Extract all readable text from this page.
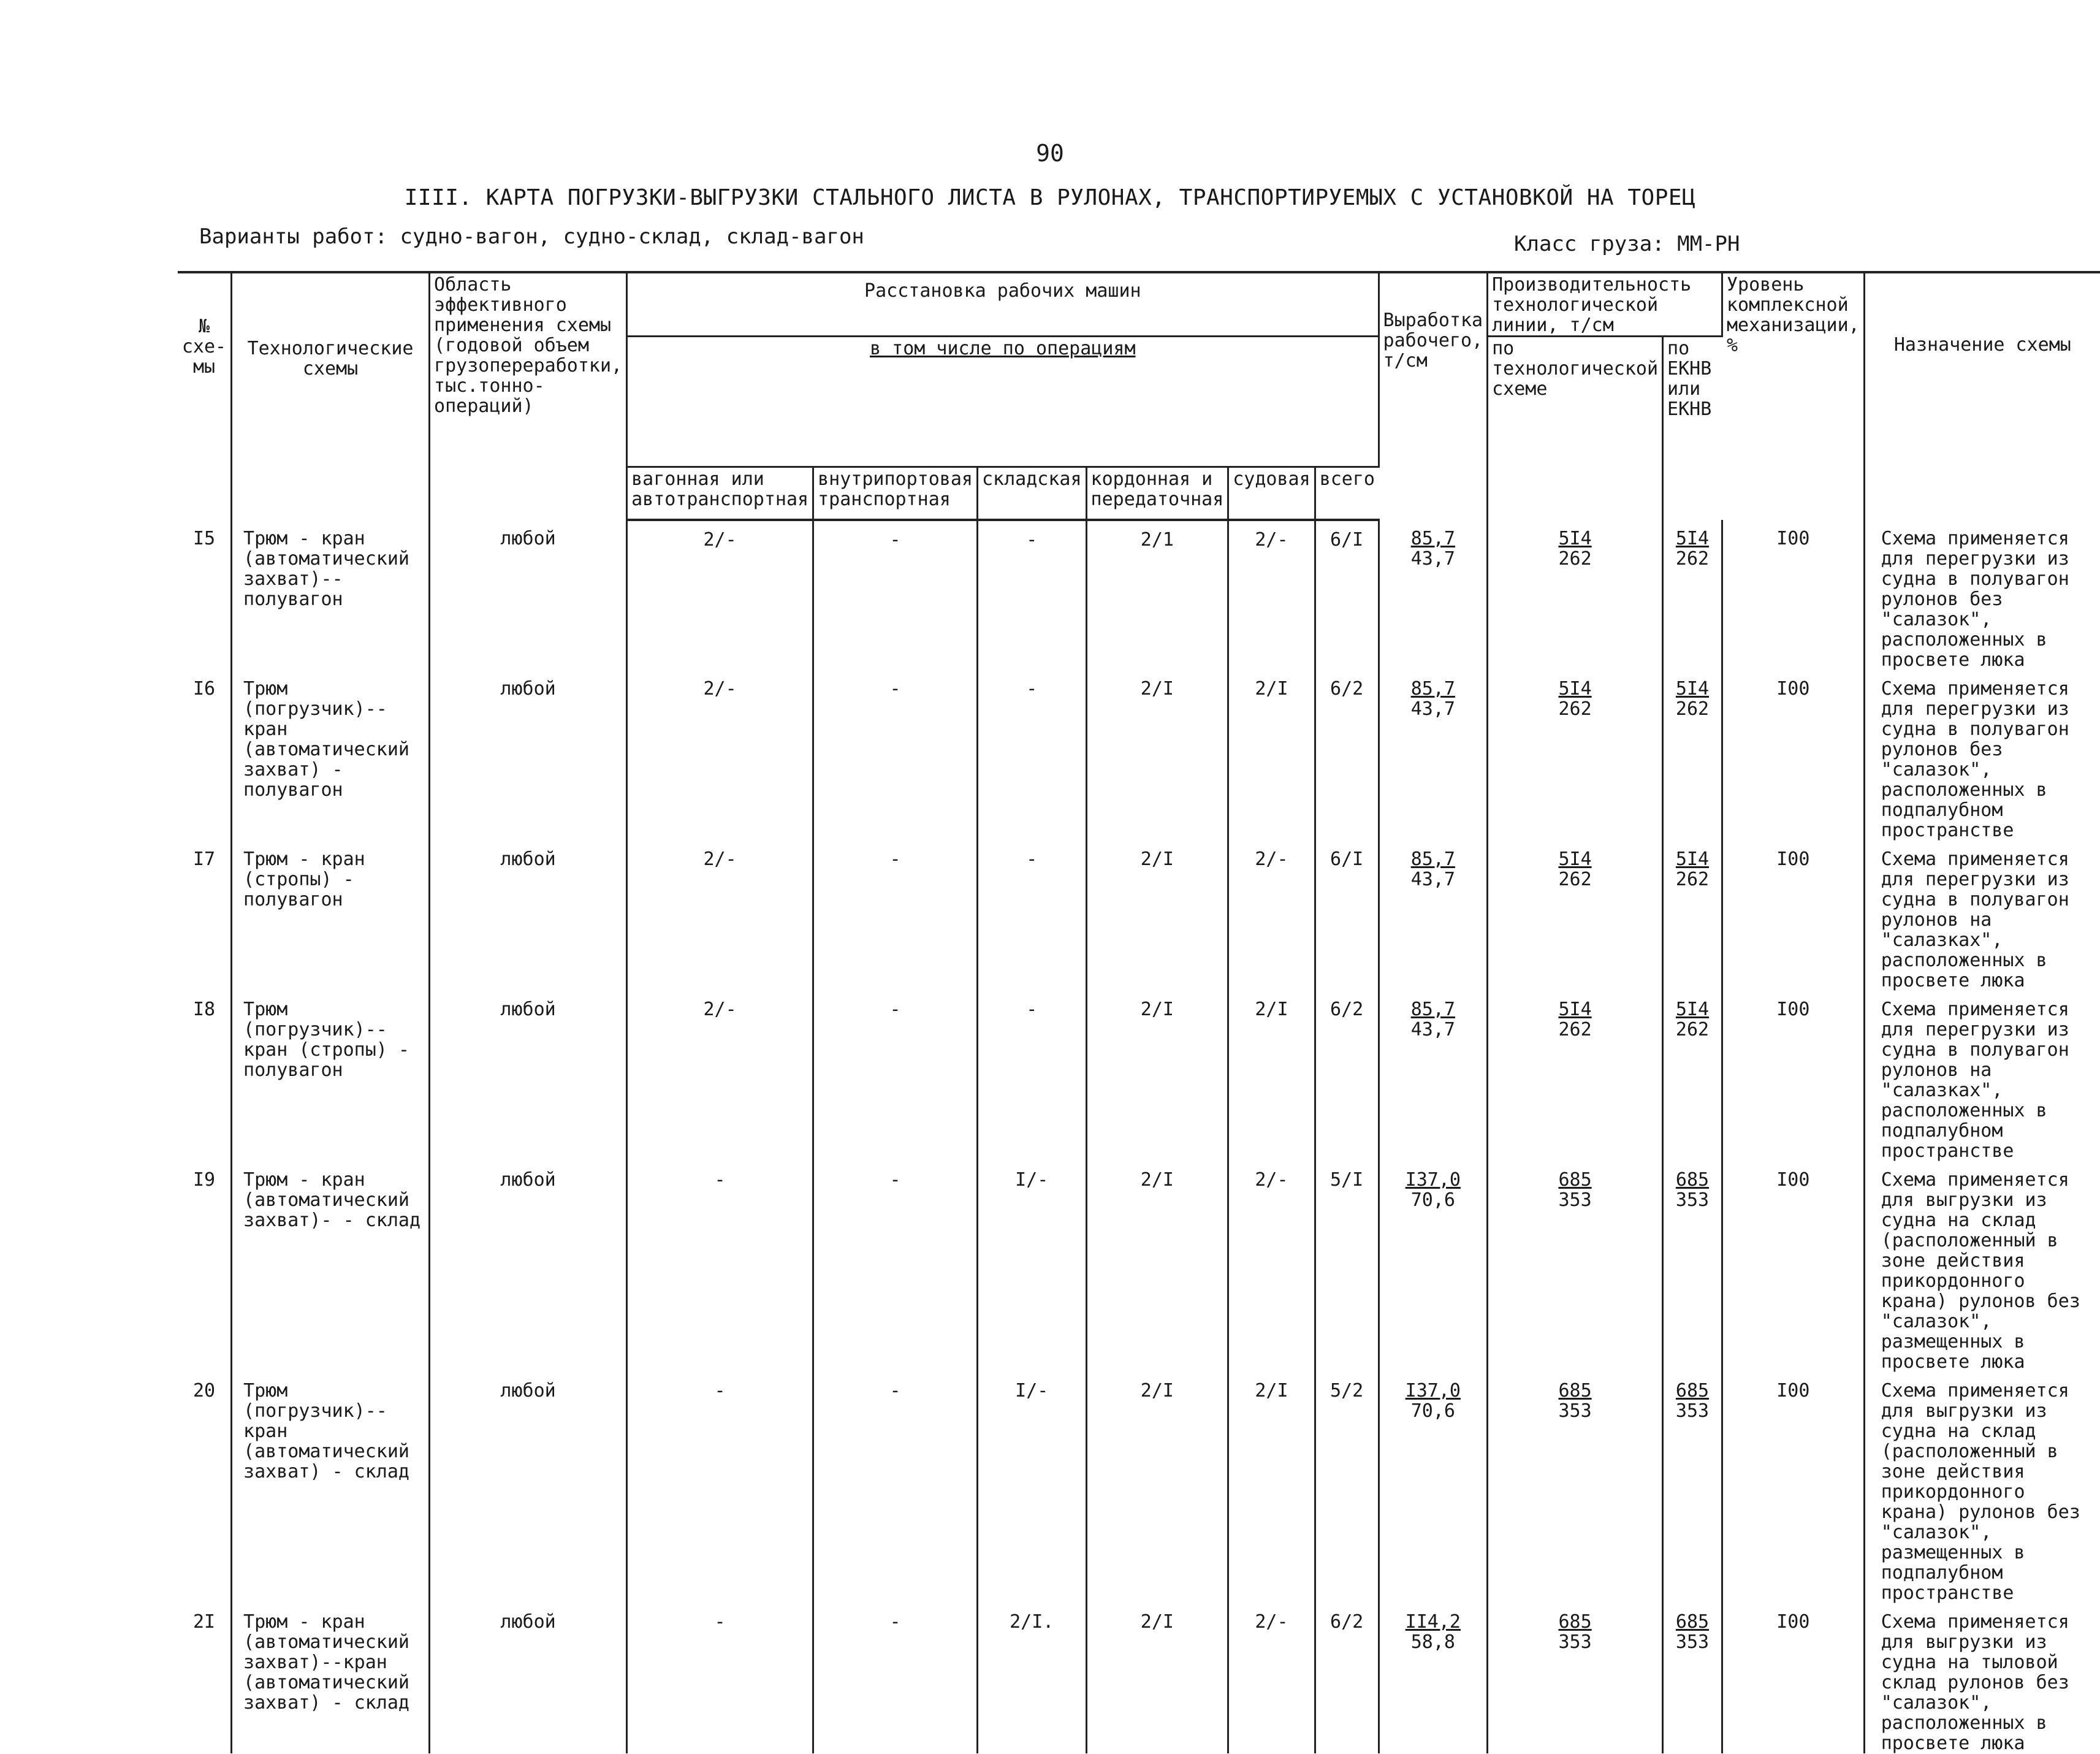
90
IIII. КАРТА ПОГРУЗКИ-ВЫГРУЗКИ СТАЛЬНОГО ЛИСТА В РУЛОНАХ, ТРАНСПОРТИРУЕМЫХ С УСТАНОВКОЙ НА ТОРЕЦ
Варианты работ: судно-вагон, судно-склад, склад-вагон	Класс груза: ММ-РН
№ схе-мы	Технологические схемы	Область эффективного применения схемы (годовой объем грузопереработки, тыс.тонно-операций)	Расстановка рабочих машин						Выработка рабочего, т/см	Производительность технологической линии, т/см		Уровень комплексной механизации, %	Назначение схемы

			в том числе по операциям							по технологической схеме	по ЕКНВ или ЕКНВ		

			вагонная или автотранспортная	внутрипортовая транспортная	складская	кордонная и передаточная	судовая	всего					

I5	Трюм - кран (автоматический захват)--полувагон	любой	2/-	-	-	2/1	2/-	6/I	$\frac{85,7}{43,7}$	$\frac{5I4}{262}$	$\frac{5I4}{262}$	I00	Схема применяется для перегрузки из судна в полувагон рулонов без "салазок", расположенных в просвете люка
I6	Трюм (погрузчик)--кран (автоматический захват) - полувагон	любой	2/-	-	-	2/I	2/I	6/2	$\frac{85,7}{43,7}$	$\frac{5I4}{262}$	$\frac{5I4}{262}$	I00	Схема применяется для перегрузки из судна в полувагон рулонов без "салазок", расположенных в подпалубном пространстве
I7	Трюм - кран (стропы) - полувагон	любой	2/-	-	-	2/I	2/-	6/I	$\frac{85,7}{43,7}$	$\frac{5I4}{262}$	$\frac{5I4}{262}$	I00	Схема применяется для перегрузки из судна в полувагон рулонов на "салазках", расположенных в просвете люка
I8	Трюм (погрузчик)-- кран (стропы) - полувагон	любой	2/-	-	-	2/I	2/I	6/2	$\frac{85,7}{43,7}$	$\frac{5I4}{262}$	$\frac{5I4}{262}$	I00	Схема применяется для перегрузки из судна в полувагон рулонов на "салазках", расположенных в подпалубном пространстве
I9	Трюм - кран (автоматический захват)- - склад	любой	-	-	I/-	2/I	2/-	5/I	$\frac{I37,0}{70,6}$	$\frac{685}{353}$	$\frac{685}{353}$	I00	Схема применяется для выгрузки из судна на склад (расположенный в зоне действия прикордонного крана) рулонов без "салазок", размещенных в просвете люка
20	Трюм (погрузчик)--кран (автоматический захват) - склад	любой	-	-	I/-	2/I	2/I	5/2	$\frac{I37,0}{70,6}$	$\frac{685}{353}$	$\frac{685}{353}$	I00	Схема применяется для выгрузки из судна на склад (расположенный в зоне действия прикордонного крана) рулонов без "салазок", размещенных в подпалубном пространстве
2I	Трюм - кран (автоматический захват)--кран (автоматический захват) - склад	любой	-	-	2/I.	2/I	2/-	6/2	$\frac{II4,2}{58,8}$	$\frac{685}{353}$	$\frac{685}{353}$	I00	Схема применяется для выгрузки из судна на тыловой склад рулонов без "салазок", расположенных в просвете люка
